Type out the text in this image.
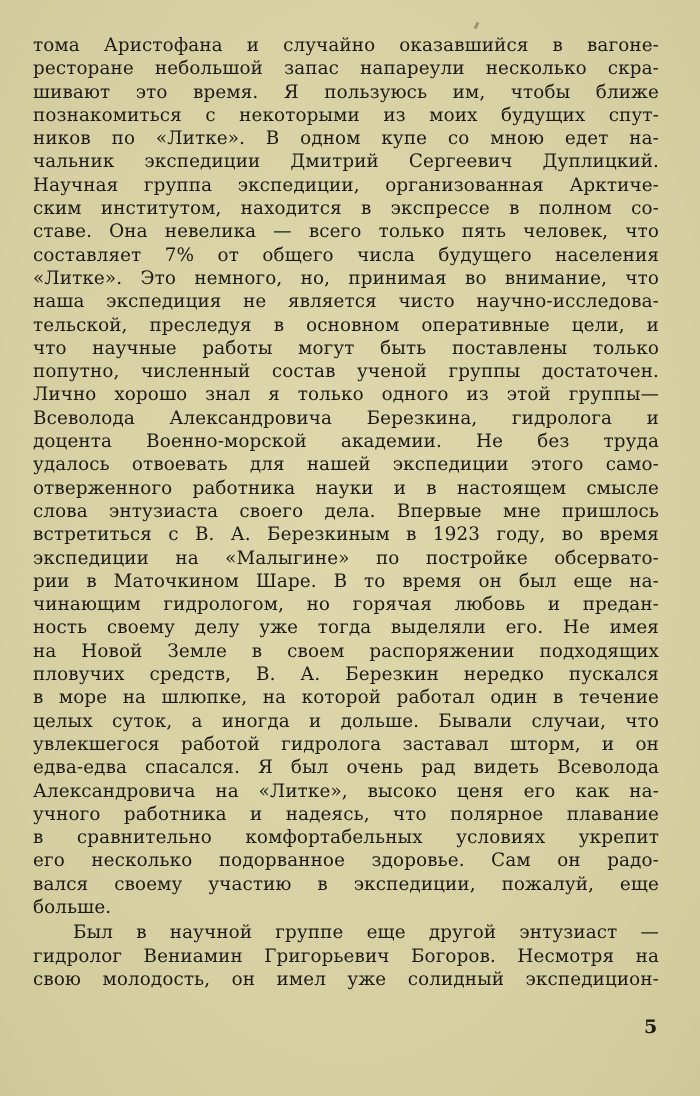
тома Аристофана и случайно оказавшийся в вагоне-
ресторане небольшой запас напареули несколько скра-
шивают это время. Я пользуюсь им, чтобы ближе
познакомиться с некоторыми из моих будущих спут-
ников по «Литке». В одном купе со мною едет на-
чальник экспедиции Дмитрий Сергеевич Дуплицкий.
Научная группа экспедиции, организованная Арктиче-
ским институтом, находится в экспрессе в полном со-
ставе. Она невелика — всего только пять человек, что
составляет 7% от общего числа будущего населения
«Литке». Это немного, но, принимая во внимание, что
наша экспедиция не является чисто научно-исследова-
тельской, преследуя в основном оперативные цели, и
что научные работы могут быть поставлены только
попутно, численный состав ученой группы достаточен.
Лично хорошо знал я только одного из этой группы—
Всеволода Александровича Березкина, гидролога и
доцента Военно-морской академии. Не без труда
удалось отвоевать для нашей экспедиции этого само-
отверженного работника науки и в настоящем смысле
слова энтузиаста своего дела. Впервые мне пришлось
встретиться с В. А. Березкиным в 1923 году, во время
экспедиции на «Малыгине» по постройке обсервато-
рии в Маточкином Шаре. В то время он был еще на-
чинающим гидрологом, но горячая любовь и предан-
ность своему делу уже тогда выделяли его. Не имея
на Новой Земле в своем распоряжении подходящих
пловучих средств, В. А. Березкин нередко пускался
в море на шлюпке, на которой работал один в течение
целых суток, а иногда и дольше. Бывали случаи, что
увлекшегося работой гидролога заставал шторм, и он
едва-едва спасался. Я был очень рад видеть Всеволода
Александровича на «Литке», высоко ценя его как на-
учного работника и надеясь, что полярное плавание
в сравнительно комфортабельных условиях укрепит
его несколько подорванное здоровье. Сам он радо-
вался своему участию в экспедиции, пожалуй, еще
больше.
Был в научной группе еще другой энтузиаст —
гидролог Вениамин Григорьевич Богоров. Несмотря на
свою молодость, он имел уже солидный экспедицион-
5
